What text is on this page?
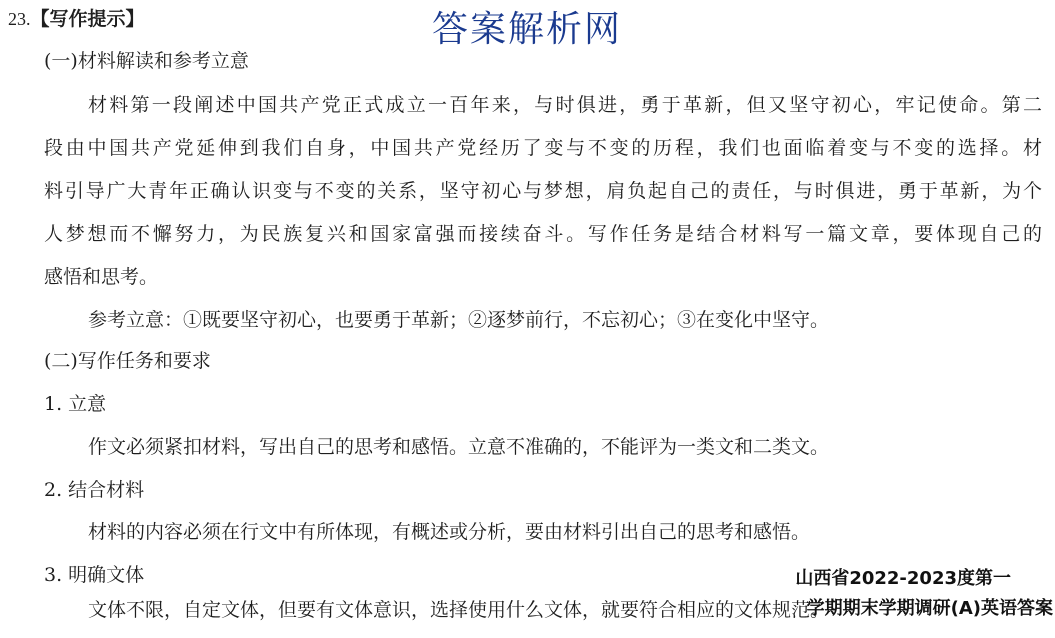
23.【写作提示】	答案解析网
(一)材料解读和参考立意
材料第一段阐述中国共产党正式成立一百年来，与时俱进，勇于革新，但又坚守初心，牢记使命。第二
段由中国共产党延伸到我们自身，中国共产党经历了变与不变的历程，我们也面临着变与不变的选择。材
料引导广大青年正确认识变与不变的关系，坚守初心与梦想，肩负起自己的责任，与时俱进，勇于革新，为个
人梦想而不懈努力，为民族复兴和国家富强而接续奋斗。写作任务是结合材料写一篇文章，要体现自己的
感悟和思考。
参考立意：①既要坚守初心，也要勇于革新；②逐梦前行，不忘初心；③在变化中坚守。
(二)写作任务和要求
1. 立意
作文必须紧扣材料，写出自己的思考和感悟。立意不准确的，不能评为一类文和二类文。
2. 结合材料
材料的内容必须在行文中有所体现，有概述或分析，要由材料引出自己的思考和感悟。
3. 明确文体
文体不限，自定文体，但要有文体意识，选择使用什么文体，就要符合相应的文体规范。
山西省2022-2023度第一
学期期末学期调研(A)英语答案
